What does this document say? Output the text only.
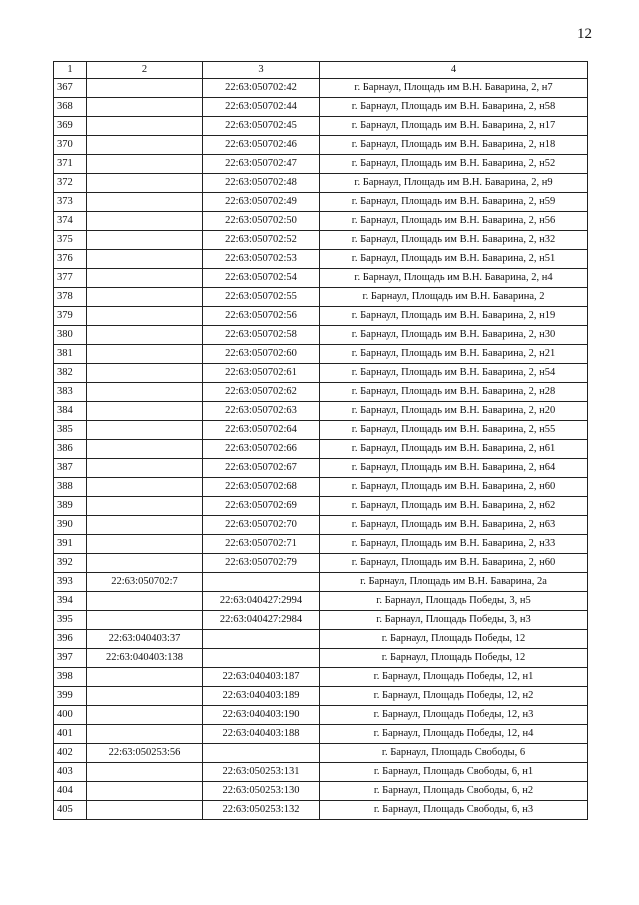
12
1	2	3	4
367		22:63:050702:42	г. Барнаул, Площадь им В.Н. Баварина, 2, н7
368		22:63:050702:44	г. Барнаул, Площадь им В.Н. Баварина, 2, н58
369		22:63:050702:45	г. Барнаул, Площадь им В.Н. Баварина, 2, н17
370		22:63:050702:46	г. Барнаул, Площадь им В.Н. Баварина, 2, н18
371		22:63:050702:47	г. Барнаул, Площадь им В.Н. Баварина, 2, н52
372		22:63:050702:48	г. Барнаул, Площадь им В.Н. Баварина, 2, н9
373		22:63:050702:49	г. Барнаул, Площадь им В.Н. Баварина, 2, н59
374		22:63:050702:50	г. Барнаул, Площадь им В.Н. Баварина, 2, н56
375		22:63:050702:52	г. Барнаул, Площадь им В.Н. Баварина, 2, н32
376		22:63:050702:53	г. Барнаул, Площадь им В.Н. Баварина, 2, н51
377		22:63:050702:54	г. Барнаул, Площадь им В.Н. Баварина, 2, н4
378		22:63:050702:55	г. Барнаул, Площадь им В.Н. Баварина, 2
379		22:63:050702:56	г. Барнаул, Площадь им В.Н. Баварина, 2, н19
380		22:63:050702:58	г. Барнаул, Площадь им В.Н. Баварина, 2, н30
381		22:63:050702:60	г. Барнаул, Площадь им В.Н. Баварина, 2, н21
382		22:63:050702:61	г. Барнаул, Площадь им В.Н. Баварина, 2, н54
383		22:63:050702:62	г. Барнаул, Площадь им В.Н. Баварина, 2, н28
384		22:63:050702:63	г. Барнаул, Площадь им В.Н. Баварина, 2, н20
385		22:63:050702:64	г. Барнаул, Площадь им В.Н. Баварина, 2, н55
386		22:63:050702:66	г. Барнаул, Площадь им В.Н. Баварина, 2, н61
387		22:63:050702:67	г. Барнаул, Площадь им В.Н. Баварина, 2, н64
388		22:63:050702:68	г. Барнаул, Площадь им В.Н. Баварина, 2, н60
389		22:63:050702:69	г. Барнаул, Площадь им В.Н. Баварина, 2, н62
390		22:63:050702:70	г. Барнаул, Площадь им В.Н. Баварина, 2, н63
391		22:63:050702:71	г. Барнаул, Площадь им В.Н. Баварина, 2, н33
392		22:63:050702:79	г. Барнаул, Площадь им В.Н. Баварина, 2, н60
393	22:63:050702:7		г. Барнаул, Площадь им В.Н. Баварина, 2а
394		22:63:040427:2994	г. Барнаул, Площадь Победы, 3, н5
395		22:63:040427:2984	г. Барнаул, Площадь Победы, 3, н3
396	22:63:040403:37		г. Барнаул, Площадь Победы, 12
397	22:63:040403:138		г. Барнаул, Площадь Победы, 12
398		22:63:040403:187	г. Барнаул, Площадь Победы, 12, н1
399		22:63:040403:189	г. Барнаул, Площадь Победы, 12, н2
400		22:63:040403:190	г. Барнаул, Площадь Победы, 12, н3
401		22:63:040403:188	г. Барнаул, Площадь Победы, 12, н4
402	22:63:050253:56		г. Барнаул, Площадь Свободы, 6
403		22:63:050253:131	г. Барнаул, Площадь Свободы, 6, н1
404		22:63:050253:130	г. Барнаул, Площадь Свободы, 6, н2
405		22:63:050253:132	г. Барнаул, Площадь Свободы, 6, н3
